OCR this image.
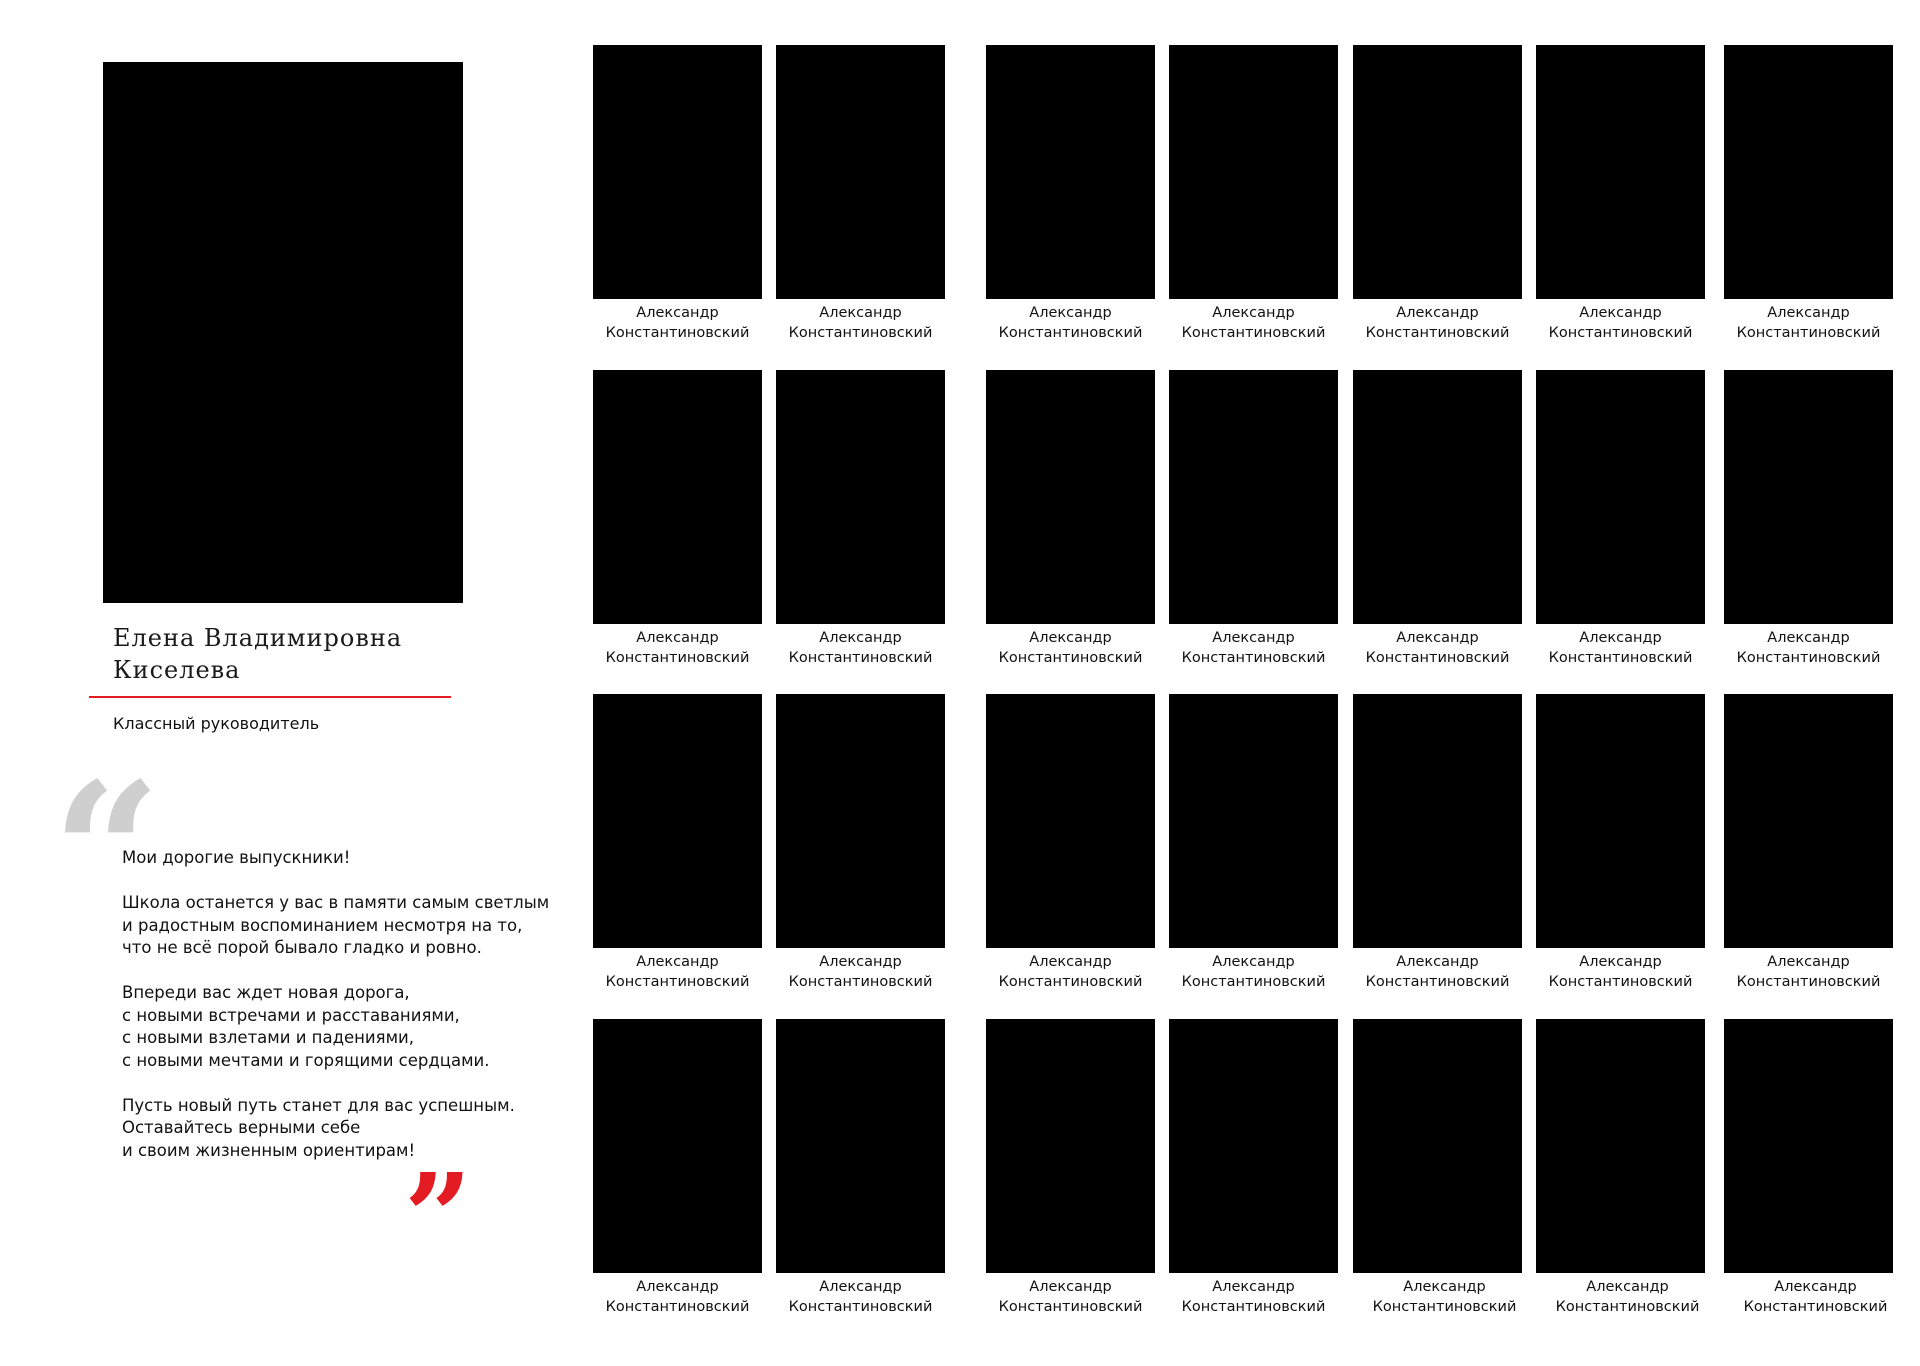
Елена Владимировна
Киселева
Классный руководитель
“

Мои дорогие выпускники!

Школа останется у вас в памяти самым светлым
и радостным воспоминанием несмотря на то,
что не всё порой бывало гладко и ровно.

Впереди вас ждет новая дорога,
с новыми встречами и расставаниями,
с новыми взлетами и падениями,
с новыми мечтами и горящими сердцами.

Пусть новый путь станет для вас успешным.
Оставайтесь верными себе
и своим жизненным ориентирам!

”
Александр
Константиновский
Александр
Константиновский
Александр
Константиновский
Александр
Константиновский
Александр
Константиновский
Александр
Константиновский
Александр
Константиновский
Александр
Константиновский
Александр
Константиновский
Александр
Константиновский
Александр
Константиновский
Александр
Константиновский
Александр
Константиновский
Александр
Константиновский
Александр
Константиновский
Александр
Константиновский
Александр
Константиновский
Александр
Константиновский
Александр
Константиновский
Александр
Константиновский
Александр
Константиновский
Александр
Константиновский
Александр
Константиновский
Александр
Константиновский
Александр
Константиновский
Александр
Константиновский
Александр
Константиновский
Александр
Константиновский
